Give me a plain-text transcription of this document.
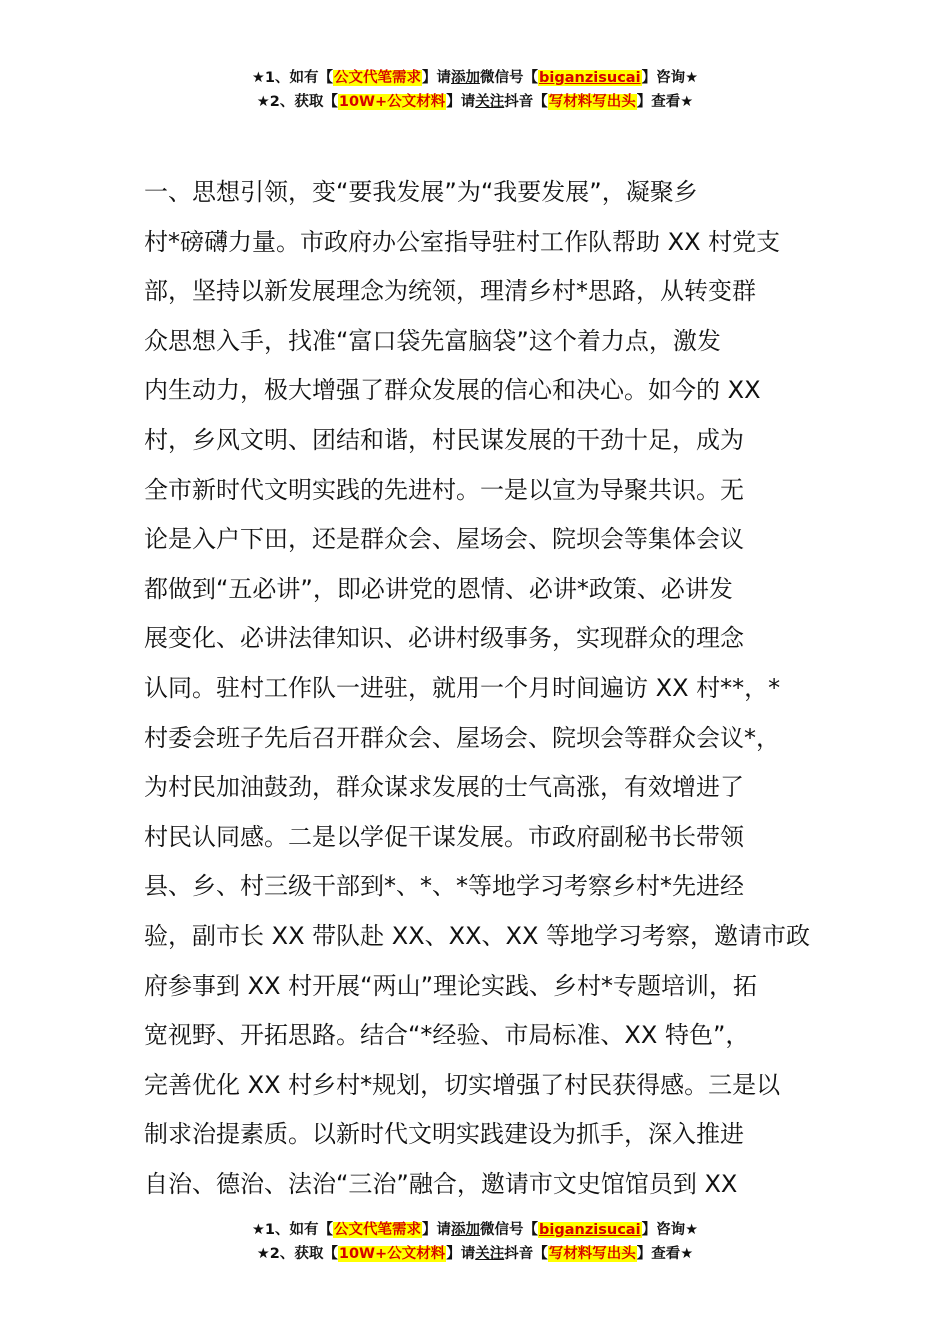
★1、如有【公文代笔需求】请添加微信号【biganzisucai】咨询★
★2、获取【10W+公文材料】请关注抖音【写材料写出头】查看★
一、思想引领，变“要我发展”为“我要发展”，凝聚乡
村*磅礴力量。市政府办公室指导驻村工作队帮助 XX 村党支
部，坚持以新发展理念为统领，理清乡村*思路，从转变群
众思想入手，找准“富口袋先富脑袋”这个着力点，激发
内生动力，极大增强了群众发展的信心和决心。如今的 XX
村，乡风文明、团结和谐，村民谋发展的干劲十足，成为
全市新时代文明实践的先进村。一是以宣为导聚共识。无
论是入户下田，还是群众会、屋场会、院坝会等集体会议
都做到“五必讲”，即必讲党的恩情、必讲*政策、必讲发
展变化、必讲法律知识、必讲村级事务，实现群众的理念
认同。驻村工作队一进驻，就用一个月时间遍访 XX 村**，*
村委会班子先后召开群众会、屋场会、院坝会等群众会议*，
为村民加油鼓劲，群众谋求发展的士气高涨，有效增进了
村民认同感。二是以学促干谋发展。市政府副秘书长带领
县、乡、村三级干部到*、*、*等地学习考察乡村*先进经
验，副市长 XX 带队赴 XX、XX、XX 等地学习考察，邀请市政
府参事到 XX 村开展“两山”理论实践、乡村*专题培训，拓
宽视野、开拓思路。结合“*经验、市局标准、XX 特色”，
完善优化 XX 村乡村*规划，切实增强了村民获得感。三是以
制求治提素质。以新时代文明实践建设为抓手，深入推进
自治、德治、法治“三治”融合，邀请市文史馆馆员到 XX
★1、如有【公文代笔需求】请添加微信号【biganzisucai】咨询★
★2、获取【10W+公文材料】请关注抖音【写材料写出头】查看★
